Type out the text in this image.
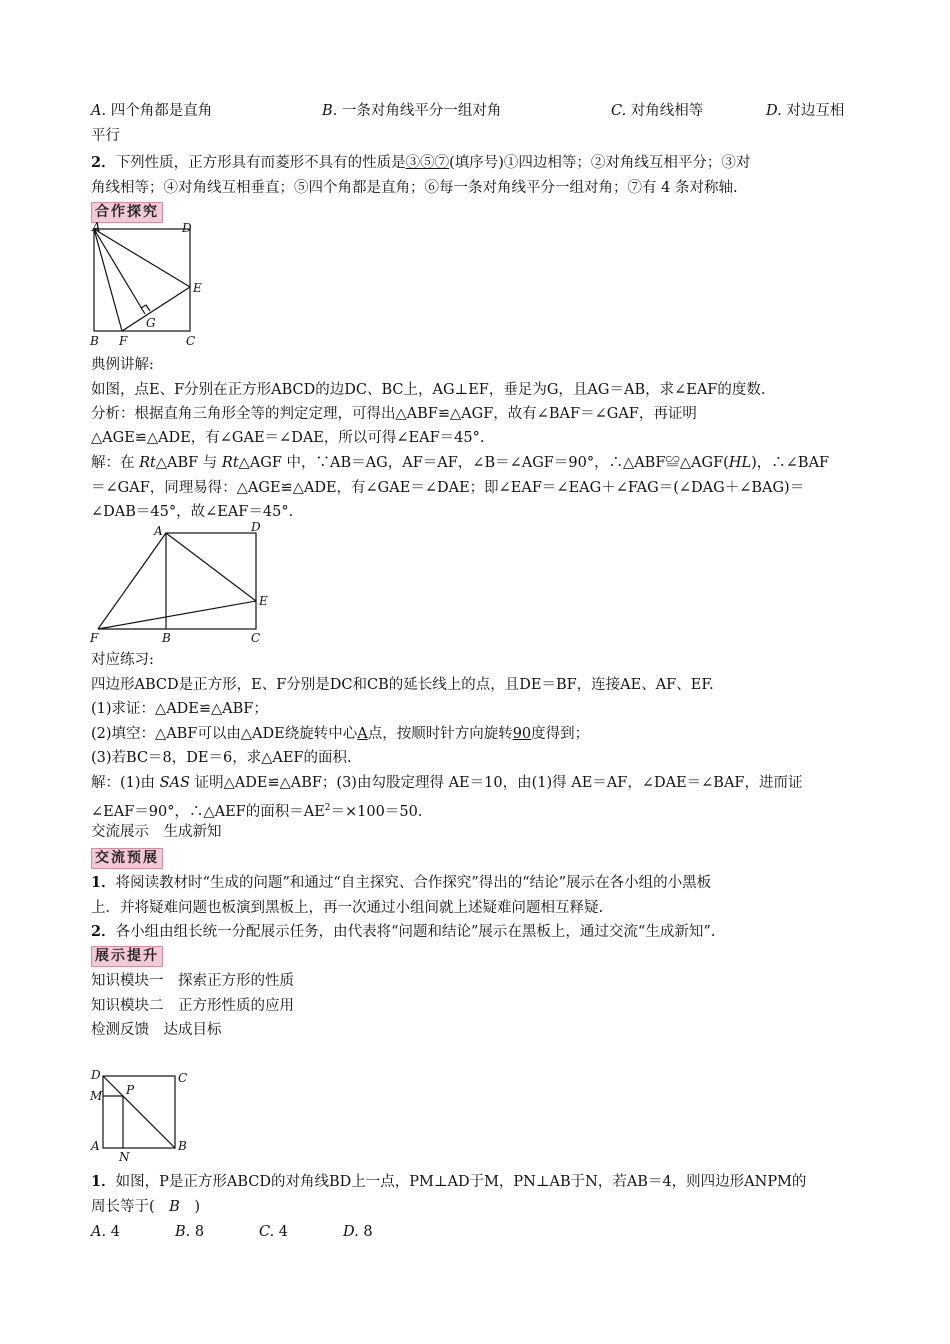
A. 四个角都是直角	B. 一条对角线平分一组对角	C. 对角线相等	D. 对边互相
平行
2．下列性质，正方形具有而菱形不具有的性质是③⑤⑦(填序号)①四边相等；②对角线互相平分；③对
角线相等；④对角线互相垂直；⑤四个角都是直角；⑥每一条对角线平分一组对角；⑦有 4 条对称轴.
合作探究
A	D
E
G
B F	C
典例讲解:
如图，点E、F分别在正方形ABCD的边DC、BC上，AG⊥EF，垂足为G，且AG＝AB，求∠EAF的度数.
分析：根据直角三角形全等的判定定理，可得出△ABF≌△AGF，故有∠BAF＝∠GAF，再证明
△AGE≌△ADE，有∠GAE＝∠DAE，所以可得∠EAF＝45°.
解：在 Rt△ABF 与 Rt△AGF 中，∵AB＝AG，AF＝AF，∠B＝∠AGF＝90°，∴△ABF≌△AGF(HL)，∴∠BAF
＝∠GAF，同理易得：△AGE≌△ADE，有∠GAE＝∠DAE；即∠EAF＝∠EAG＋∠FAG＝(∠DAG＋∠BAG)＝
∠DAB＝45°，故∠EAF＝45°.
A	D
E
F	B	C
对应练习:
四边形ABCD是正方形，E、F分别是DC和CB的延长线上的点，且DE＝BF，连接AE、AF、EF.
(1)求证：△ADE≌△ABF；
(2)填空：△ABF可以由△ADE绕旋转中心A点，按顺时针方向旋转90度得到；
(3)若BC＝8，DE＝6，求△AEF的面积.
解：(1)由 SAS 证明△ADE≌△ABF；(3)由勾股定理得 AE＝10，由(1)得 AE＝AF，∠DAE＝∠BAF，进而证
∠EAF＝90°，∴△AEF的面积$=AE^2=\times 100=50$.
交流展示　生成新知
交流预展
1．将阅读教材时“生成的问题”和通过“自主探究、合作探究”得出的“结论”展示在各小组的小黑板
上．并将疑难问题也板演到黑板上，再一次通过小组间就上述疑难问题相互释疑.
2．各小组由组长统一分配展示任务，由代表将“问题和结论”展示在黑板上，通过交流“生成新知”.
展示提升
知识模块一　探索正方形的性质
知识模块二　正方形性质的应用
检测反馈　达成目标
D
M P
C
A
N
B
1．如图，P是正方形ABCD的对角线BD上一点，PM⊥AD于M，PN⊥AB于N，若AB＝4，则四边形ANPM的
周长等于(　B　)
A. 4	B. 8	C. 4	D. 8
